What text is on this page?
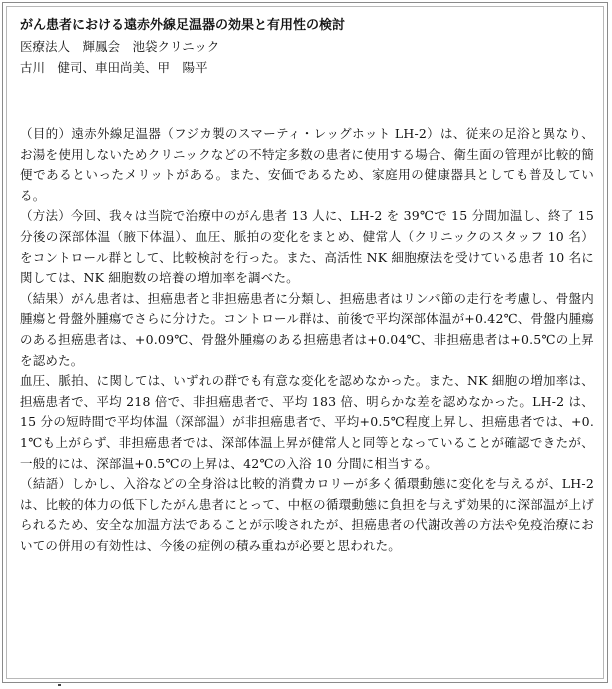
がん患者における遠赤外線足温器の効果と有用性の検討

医療法人　輝鳳会　池袋クリニック

古川　健司、車田尚美、甲　陽平

（目的）遠赤外線足温器（フジカ製のスマーティ・レッグホット LH-2）は、従来の足浴と異なり、お湯を使用しないためクリニックなどの不特定多数の患者に使用する場合、衛生面の管理が比較的簡便であるといったメリットがある。また、安価であるため、家庭用の健康器具としても普及している。

（方法）今回、我々は当院で治療中のがん患者 13 人に、LH-2 を 39℃で 15 分間加温し、終了 15 分後の深部体温（腋下体温）、血圧、脈拍の変化をまとめ、健常人（クリニックのスタッフ 10 名）をコントロール群として、比較検討を行った。また、高活性 NK 細胞療法を受けている患者 10 名に関しては、NK 細胞数の培養の増加率を調べた。

（結果）がん患者は、担癌患者と非担癌患者に分類し、担癌患者はリンパ節の走行を考慮し、骨盤内腫瘍と骨盤外腫瘍でさらに分けた。コントロール群は、前後で平均深部体温が+0.42℃、骨盤内腫瘍のある担癌患者は、+0.09℃、骨盤外腫瘍のある担癌患者は+0.04℃、非担癌患者は+0.5℃の上昇を認めた。

血圧、脈拍、に関しては、いずれの群でも有意な変化を認めなかった。また、NK 細胞の増加率は、担癌患者で、平均 218 倍で、非担癌患者で、平均 183 倍、明らかな差を認めなかった。LH-2 は、15 分の短時間で平均体温（深部温）が非担癌患者で、平均+0.5℃程度上昇し、担癌患者では、+0.1℃も上がらず、非担癌患者では、深部体温上昇が健常人と同等となっていることが確認できたが、一般的には、深部温+0.5℃の上昇は、42℃の入浴 10 分間に相当する。

（結語）しかし、入浴などの全身浴は比較的消費カロリーが多く循環動態に変化を与えるが、LH-2 は、比較的体力の低下したがん患者にとって、中枢の循環動態に負担を与えず効果的に深部温が上げられるため、安全な加温方法であることが示唆されたが、担癌患者の代謝改善の方法や免疫治療においての併用の有効性は、今後の症例の積み重ねが必要と思われた。
